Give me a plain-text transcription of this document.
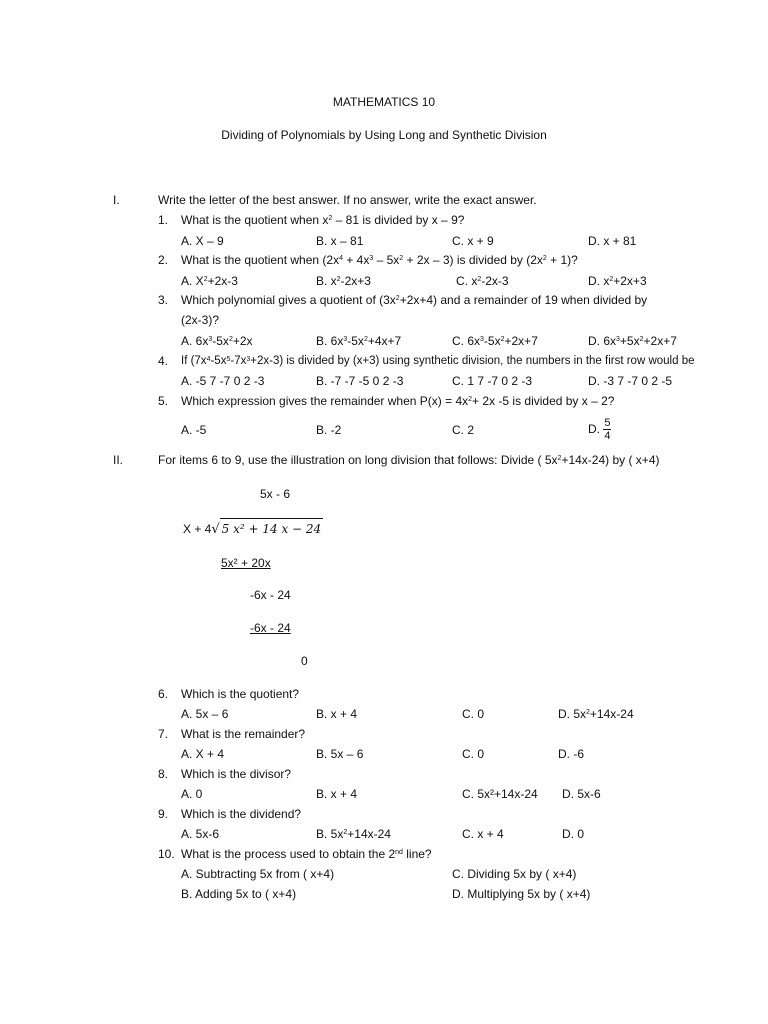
MATHEMATICS 10
Dividing of Polynomials by Using Long and Synthetic Division
I.	Write the letter of the best answer. If no answer, write the exact answer.
1. What is the quotient when $x^2 - 81$ is divided by x – 9?
A. X – 9	B. x – 81	C. x + 9	D. x + 81
2. What is the quotient when $(2x^4 + 4x^3 - 5x^2 + 2x - 3)$ is divided by $(2x^2 + 1)$?
A. $X^2+2x-3$	B. $x^2-2x+3$	C. $x^2-2x-3$	D. $x^2+2x+3$
3. Which polynomial gives a quotient of $(3x^2+2x+4)$ and a remainder of 19 when divided by
(2x-3)?
A. $6x^3-5x^2+2x$	B. $6x^3-5x^2+4x+7$	C. $6x^3-5x^2+2x+7$	D. $6x^3+5x^2+2x+7$
4. If $(7x^4-5x^5-7x^3+2x-3)$ is divided by (x+3) using synthetic division, the numbers in the first row would be
A. -5 7 -7 0 2 -3	B. -7 -7 -5 0 2 -3	C. 1 7 -7 0 2 -3	D. -3 7 -7 0 2 -5
5. Which expression gives the remainder when $P(x) = 4x^2+ 2x$ -5 is divided by x – 2?
A. -5	B. -2	C. 2	D. $\frac{5}{4}$
II.	For items 6 to 9, use the illustration on long division that follows: Divide ( $5x^2+14x-24$) by ( x+4)
5x - 6
X + 4√ 5 x² + 14 x − 24
5x² + 20x
-6x - 24
-6x - 24
0
6. Which is the quotient?
A. 5x – 6	B. x + 4	C. 0	D. $5x^2+14x-24$
7. What is the remainder?
A. X + 4	B. 5x – 6	C. 0	D. -6
8. Which is the divisor?
A. 0	B. x + 4	C. 5x²+14x-24 D. 5x-6
9. Which is the dividend?
A. 5x-6	B. $5x^2+14x-24$	C. x + 4	D. 0
10. What is the process used to obtain the 2nd line?
A. Subtracting 5x from ( x+4)	C. Dividing 5x by ( x+4)
B. Adding 5x to ( x+4)	D. Multiplying 5x by ( x+4)
